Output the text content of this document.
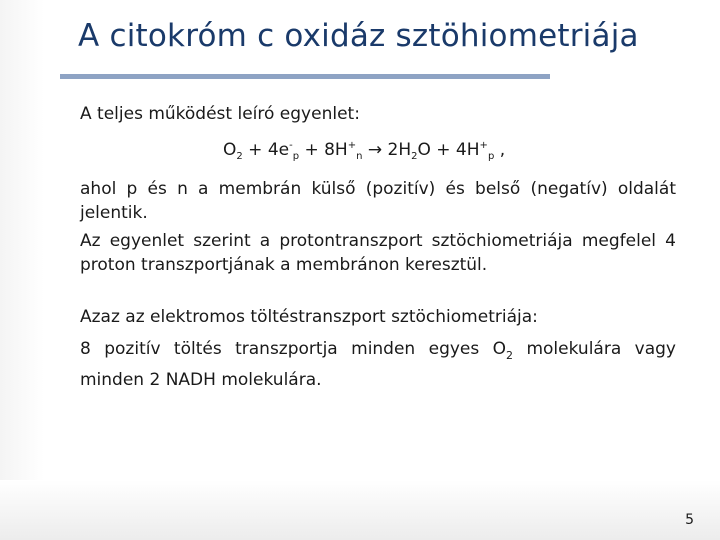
A citokróm c oxidáz sztöhiometriája

A teljes működést leíró egyenlet:

$O_2 + 4e^-_p + 8H^+_n \to 2H_2O + 4H^+_p$ ,

ahol p és n a membrán külső (pozitív) és belső (negatív) oldalát jelentik.

Az egyenlet szerint a protontranszport sztöchiometriája megfelel 4 proton transzportjának a membránon keresztül.

Azaz az elektromos töltéstranszport sztöchiometriája:

8 pozitív töltés transzportja minden egyes $O_2$ molekulára vagy minden 2 NADH molekulára.

5
